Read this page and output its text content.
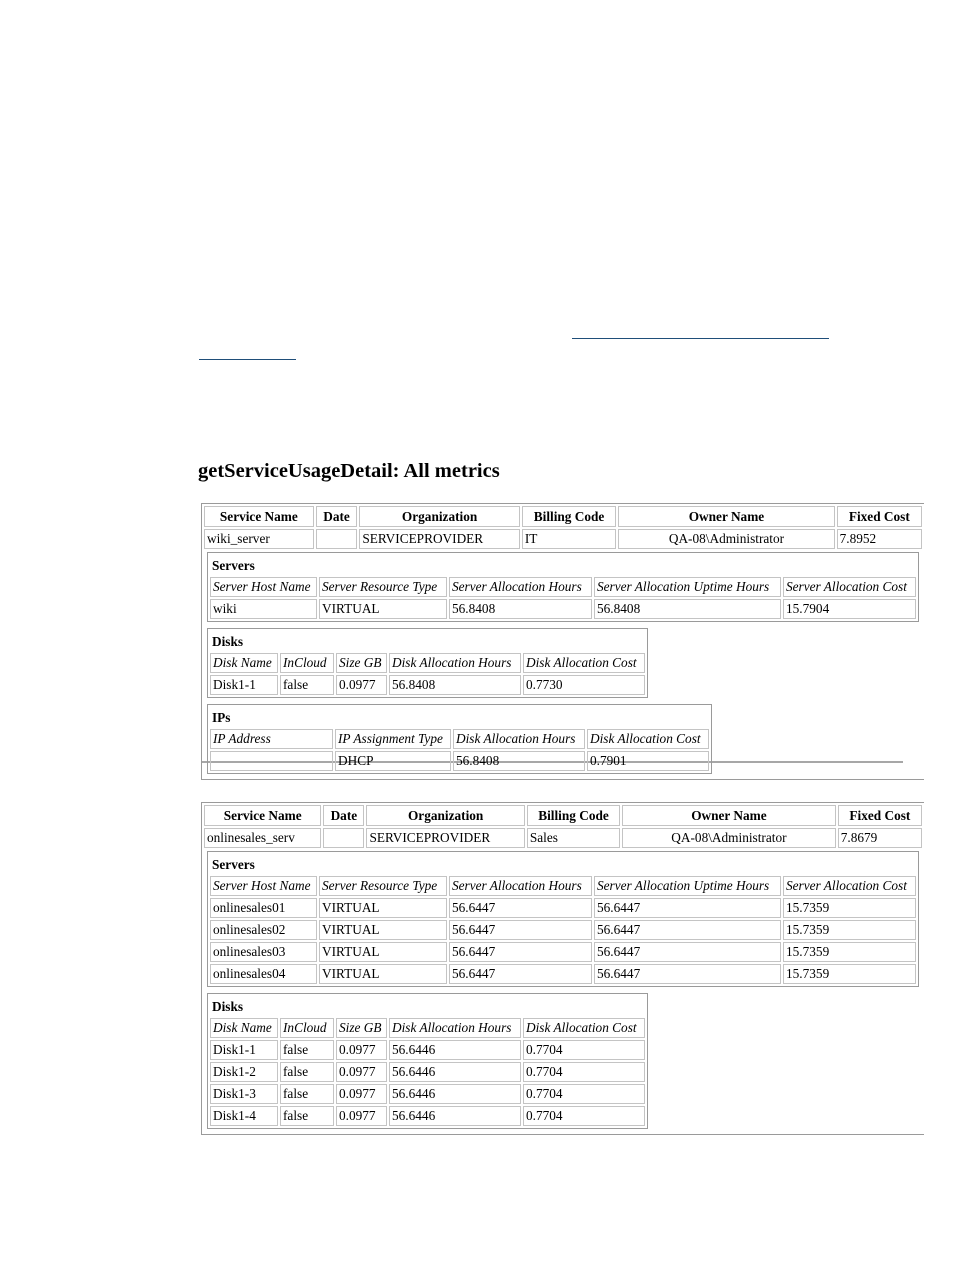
getServiceUsageDetail: All metrics
Service Name	Date	Organization	Billing Code	Owner Name	Fixed Cost
wiki_server		SERVICEPROVIDER	IT	QA-08\Administrator	7.8952

Servers
Server Host Name	Server Resource Type	Server Allocation Hours	Server Allocation Uptime Hours	Server Allocation Cost
wiki	VIRTUAL	56.8408	56.8408	15.7904

Disks
Disk Name	InCloud	Size GB	Disk Allocation Hours	Disk Allocation Cost
Disk1-1	false	0.0977	56.8408	0.7730

IPs
IP Address	IP Assignment Type	Disk Allocation Hours	Disk Allocation Cost
	DHCP	56.8408	0.7901
Service Name	Date	Organization	Billing Code	Owner Name	Fixed Cost
onlinesales_serv		SERVICEPROVIDER	Sales	QA-08\Administrator	7.8679

Servers
Server Host Name	Server Resource Type	Server Allocation Hours	Server Allocation Uptime Hours	Server Allocation Cost
onlinesales01	VIRTUAL	56.6447	56.6447	15.7359
onlinesales02	VIRTUAL	56.6447	56.6447	15.7359
onlinesales03	VIRTUAL	56.6447	56.6447	15.7359
onlinesales04	VIRTUAL	56.6447	56.6447	15.7359

Disks
Disk Name	InCloud	Size GB	Disk Allocation Hours	Disk Allocation Cost
Disk1-1	false	0.0977	56.6446	0.7704
Disk1-2	false	0.0977	56.6446	0.7704
Disk1-3	false	0.0977	56.6446	0.7704
Disk1-4	false	0.0977	56.6446	0.7704
